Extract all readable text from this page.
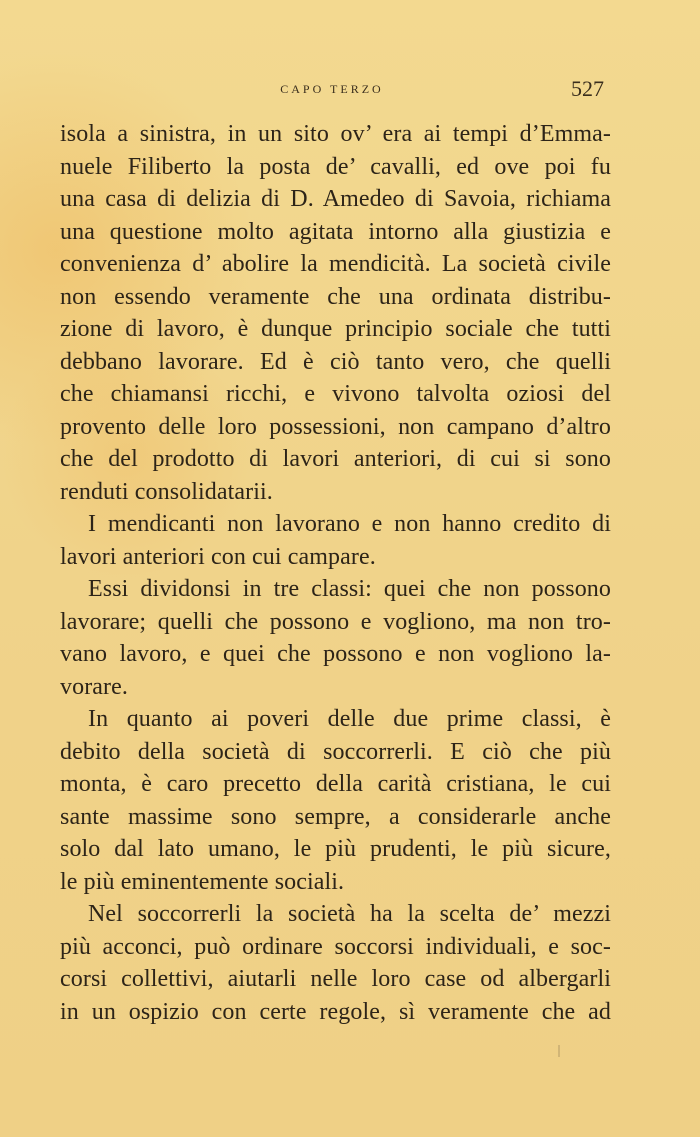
CAPO TERZO	527
isola a sinistra, in un sito ov’ era ai tempi d’Emma-
nuele Filiberto la posta de’ cavalli, ed ove poi fu
una casa di delizia di D. Amedeo di Savoia, richiama
una questione molto agitata intorno alla giustizia e
convenienza d’ abolire la mendicità. La società civile
non essendo veramente che una ordinata distribu-
zione di lavoro, è dunque principio sociale che tutti
debbano lavorare. Ed è ciò tanto vero, che quelli
che chiamansi ricchi, e vivono talvolta oziosi del
provento delle loro possessioni, non campano d’altro
che del prodotto di lavori anteriori, di cui si sono
renduti consolidatarii.
I mendicanti non lavorano e non hanno credito di
lavori anteriori con cui campare.
Essi dividonsi in tre classi: quei che non possono
lavorare; quelli che possono e vogliono, ma non tro-
vano lavoro, e quei che possono e non vogliono la-
vorare.
In quanto ai poveri delle due prime classi, è
debito della società di soccorrerli. E ciò che più
monta, è caro precetto della carità cristiana, le cui
sante massime sono sempre, a considerarle anche
solo dal lato umano, le più prudenti, le più sicure,
le più eminentemente sociali.
Nel soccorrerli la società ha la scelta de’ mezzi
più acconci, può ordinare soccorsi individuali, e soc-
corsi collettivi, aiutarli nelle loro case od albergarli
in un ospizio con certe regole, sì veramente che ad
